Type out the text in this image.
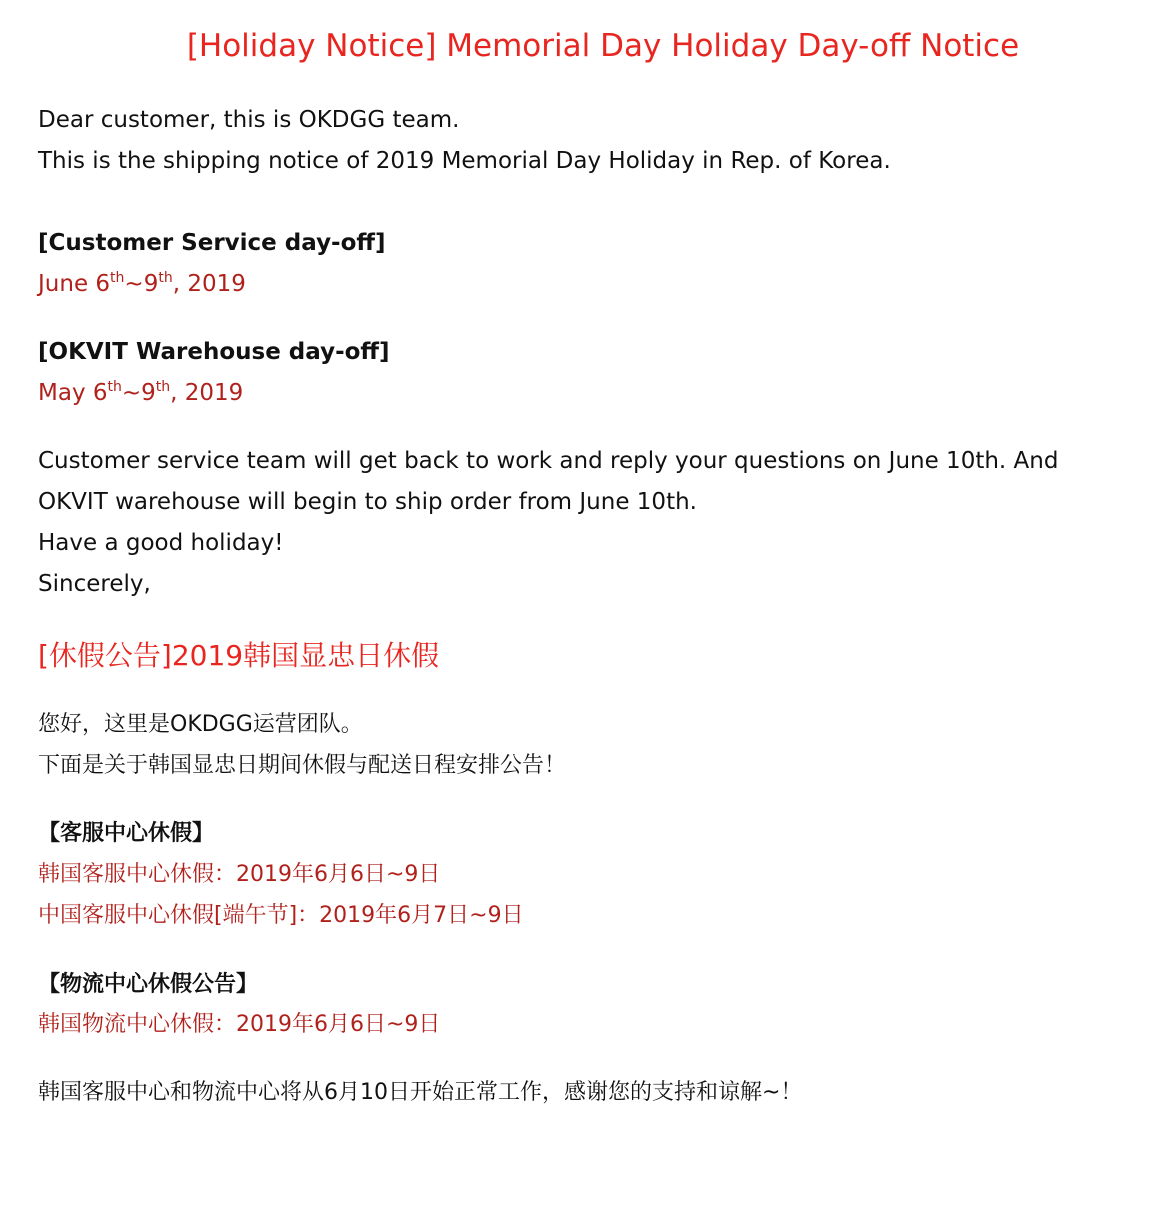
[Holiday Notice] Memorial Day Holiday Day-off Notice
Dear customer, this is OKDGG team.
This is the shipping notice of 2019 Memorial Day Holiday in Rep. of Korea.
[Customer Service day-off]
June 6th~9th, 2019
[OKVIT Warehouse day-off]
May 6th~9th, 2019
Customer service team will get back to work and reply your questions on June 10th. And OKVIT warehouse will begin to ship order from June 10th.
Have a good holiday!
Sincerely,
[休假公告]2019韩国显忠日休假
您好，这里是OKDGG运营团队。
下面是关于韩国显忠日期间休假与配送日程安排公告！
【客服中心休假】
韩国客服中心休假：2019年6月6日~9日
中国客服中心休假[端午节]：2019年6月7日~9日
【物流中心休假公告】
韩国物流中心休假：2019年6月6日~9日
韩国客服中心和物流中心将从6月10日开始正常工作，感谢您的支持和谅解~！
